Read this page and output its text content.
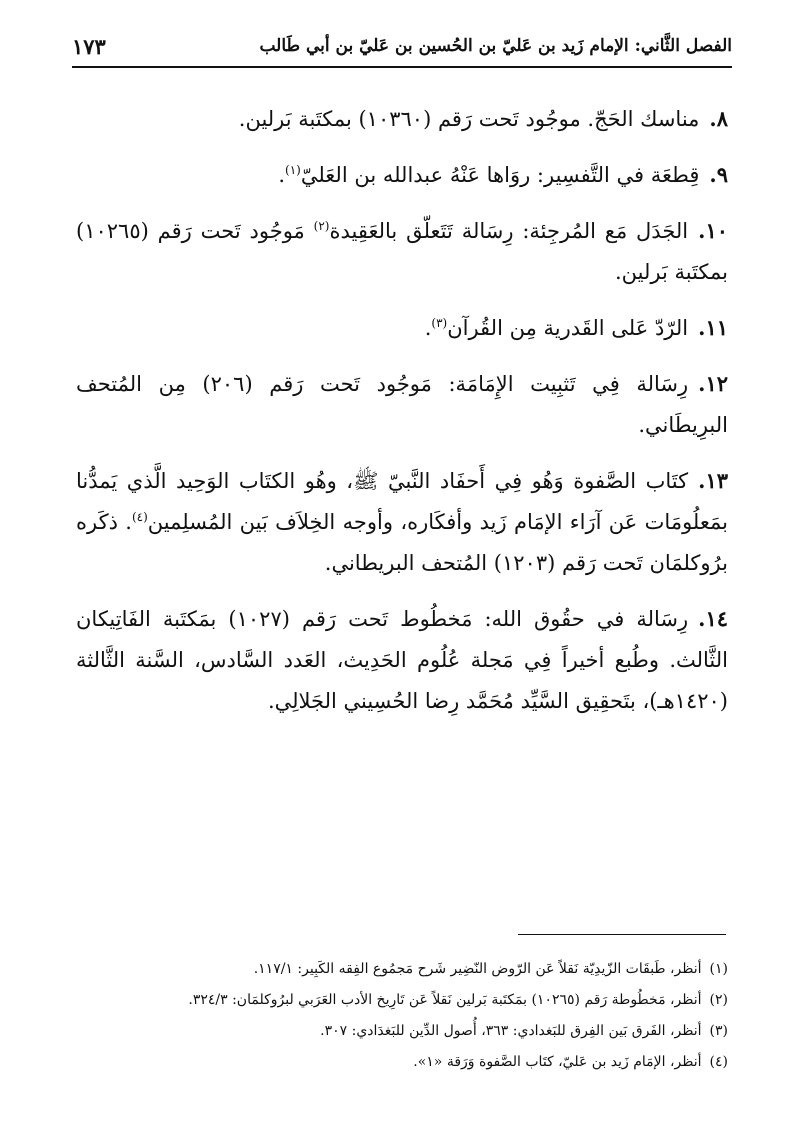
الفصل الثَّاني: الإمام زَيد بن عَليّ بن الحُسين بن عَليّ بن أبي طَالب
١٧٣

٨.مناسك الحَجّ. موجُود تَحت رَقم (١٠٣٦٠) بمكتَبة بَرلين.

٩.قِطعَة في التَّفسِير: روَاها عَنْهُ عبدالله بن العَليّ$^{(١)}$.

١٠.الجَدَل مَع المُرجِئة: رِسَالة تَتَعلّق بالعَقِيدة$^{(٢)}$ مَوجُود تَحت رَقم (١٠٢٦٥) بمكتَبة بَرلين.

١١.الرّدّ عَلى القَدرية مِن القُرآن$^{(٣)}$.

١٢.رِسَالة فِي تَثبِيت الإِمَامَة: مَوجُود تَحت رَقم (٢٠٦) مِن المُتحف البرِيطَاني.

١٣.كتَاب الصَّفوة وَهُو فِي أَحفَاد النَّبيّ ﷺ، وهُو الكتَاب الوَحِيد الَّذي يَمدُّنا بمَعلُومَات عَن آرَاء الإمَام زَيد وأفكَاره، وأوجه الخِلاَف بَين المُسلِمين$^{(٤)}$. ذكَره برُوكلمَان تَحت رَقم (١٢٠٣) المُتحف البريطاني.

١٤.رِسَالة في حقُوق الله: مَخطُوط تَحت رَقم (١٠٢٧) بمَكتَبة الفَاتِيكان الثَّالث. وطُبع أخيراً فِي مَجلة عُلُوم الحَدِيث، العَدد السَّادس، السَّنة الثَّالثة (١٤٢٠هـ)، بتَحقِيق السَّيِّد مُحَمَّد رِضا الحُسِيني الجَلالِي.

(١)أنظر، طَبقَات الزّيدِيّة نَقلاً عَن الرّوض النّضِير شَرح مَجمُوع الفِقه الكَبِير: ١١٧/١.
(٢)أنظر، مَخطُوطة رَقم (١٠٢٦٥) بمَكتَبة بَرلين نَقلاً عَن تَارِيخ الأدب العَرَبي لبرُوكلمَان: ٣٢٤/٣.
(٣)أنظر، الفَرق بَين الفِرق للبَغدادي: ٣٦٣، أُصول الدِّين للبَغدَادي: ٣٠٧.
(٤)أنظر، الإمَام زَيد بن عَليّ، كتَاب الصَّفوة وَرَقة «١».
